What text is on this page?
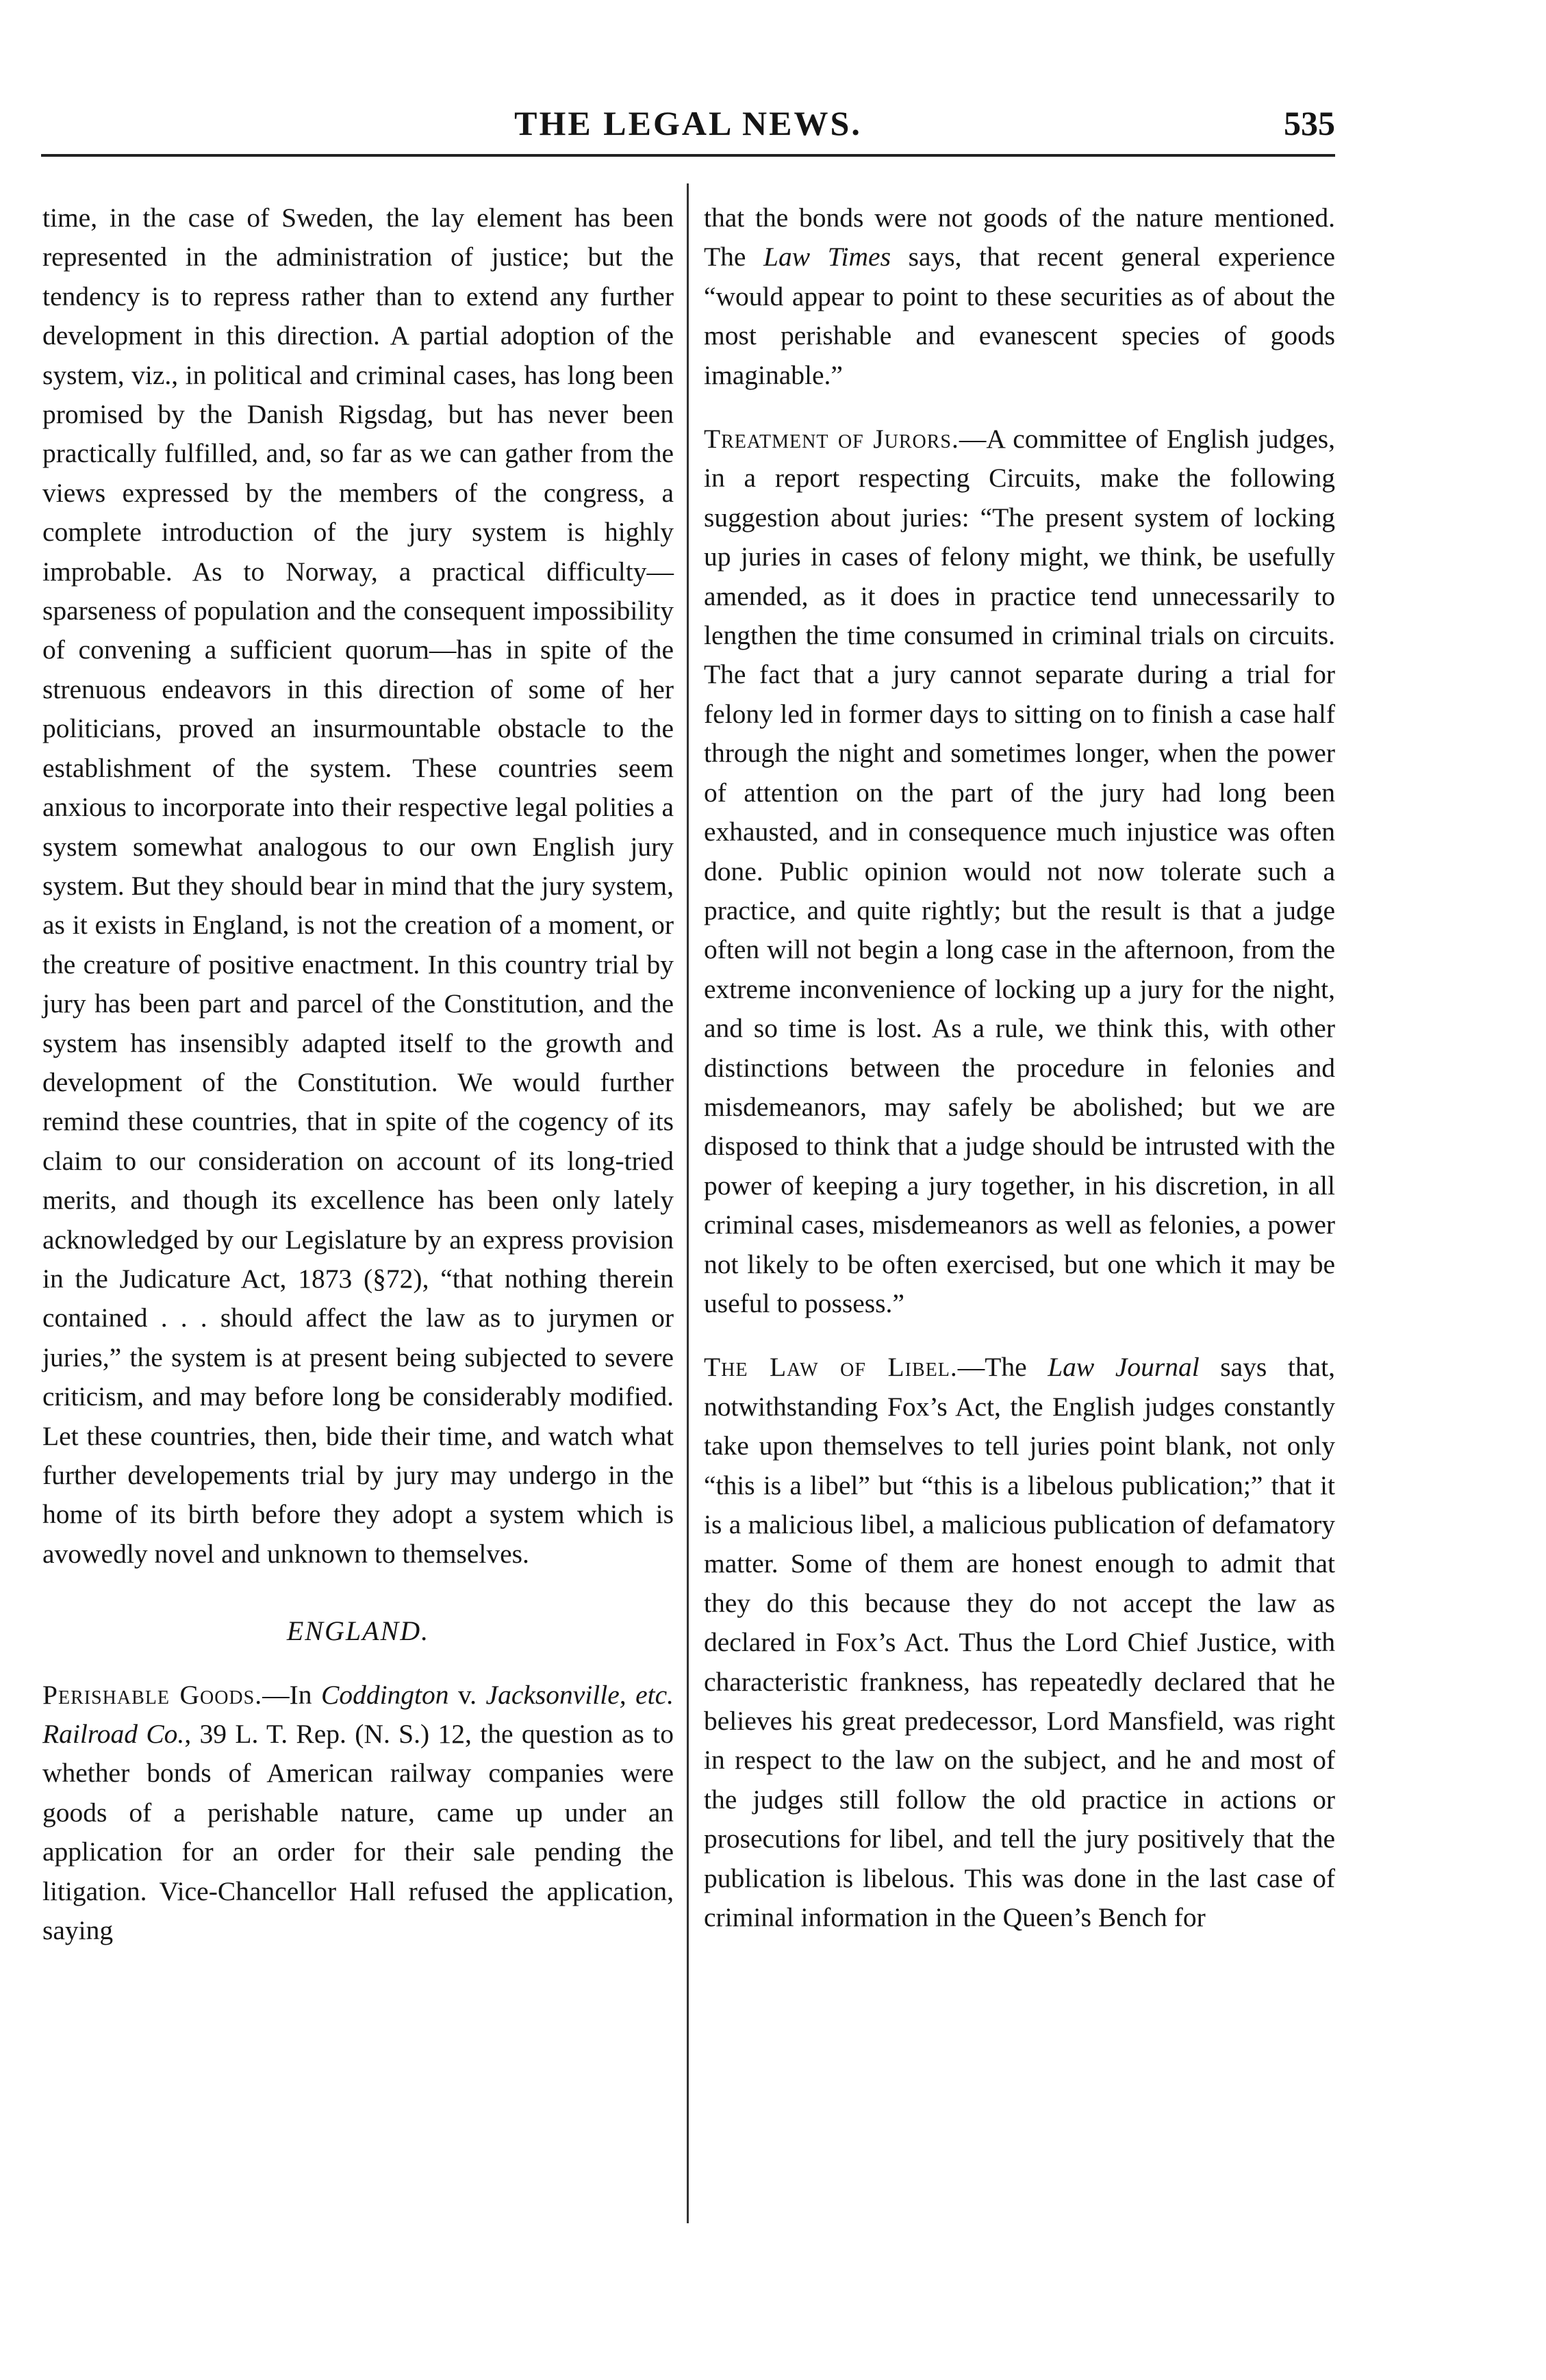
THE LEGAL NEWS.	535

time, in the case of Sweden, the lay element has been represented in the administration of justice; but the tendency is to repress rather than to extend any further development in this direction. A partial adoption of the system, viz., in political and criminal cases, has long been promised by the Danish Rigsdag, but has never been practically fulfilled, and, so far as we can gather from the views expressed by the members of the congress, a complete introduction of the jury system is highly improbable. As to Norway, a practical difficulty—sparseness of population and the consequent impossibility of convening a sufficient quorum—has in spite of the strenuous endeavors in this direction of some of her politicians, proved an insurmountable obstacle to the establishment of the system. These countries seem anxious to incorporate into their respective legal polities a system somewhat analogous to our own English jury system. But they should bear in mind that the jury system, as it exists in England, is not the creation of a moment, or the creature of positive enactment. In this country trial by jury has been part and parcel of the Constitution, and the system has insensibly adapted itself to the growth and development of the Constitution. We would further remind these countries, that in spite of the cogency of its claim to our consideration on account of its long-tried merits, and though its excellence has been only lately acknowledged by our Legislature by an express provision in the Judicature Act, 1873 (§72), “that nothing therein contained . . . should affect the law as to jurymen or juries,” the system is at present being subjected to severe criticism, and may before long be considerably modified. Let these countries, then, bide their time, and watch what further developements trial by jury may undergo in the home of its birth before they adopt a system which is avowedly novel and unknown to themselves.

ENGLAND.

Perishable Goods.—In Coddington v. Jacksonville, etc. Railroad Co., 39 L. T. Rep. (N. S.) 12, the question as to whether bonds of American railway companies were goods of a perishable nature, came up under an application for an order for their sale pending the litigation. Vice-Chancellor Hall refused the application, saying

that the bonds were not goods of the nature mentioned. The Law Times says, that recent general experience “would appear to point to these securities as of about the most perishable and evanescent species of goods imaginable.”

Treatment of Jurors.—A committee of English judges, in a report respecting Circuits, make the following suggestion about juries: “The present system of locking up juries in cases of felony might, we think, be usefully amended, as it does in practice tend unnecessarily to lengthen the time consumed in criminal trials on circuits. The fact that a jury cannot separate during a trial for felony led in former days to sitting on to finish a case half through the night and sometimes longer, when the power of attention on the part of the jury had long been exhausted, and in consequence much injustice was often done. Public opinion would not now tolerate such a practice, and quite rightly; but the result is that a judge often will not begin a long case in the afternoon, from the extreme inconvenience of locking up a jury for the night, and so time is lost. As a rule, we think this, with other distinctions between the procedure in felonies and misdemeanors, may safely be abolished; but we are disposed to think that a judge should be intrusted with the power of keeping a jury together, in his discretion, in all criminal cases, misdemeanors as well as felonies, a power not likely to be often exercised, but one which it may be useful to possess.”

The Law of Libel.—The Law Journal says that, notwithstanding Fox’s Act, the English judges constantly take upon themselves to tell juries point blank, not only “this is a libel” but “this is a libelous publication;” that it is a malicious libel, a malicious publication of defamatory matter. Some of them are honest enough to admit that they do this because they do not accept the law as declared in Fox’s Act. Thus the Lord Chief Justice, with characteristic frankness, has repeatedly declared that he believes his great predecessor, Lord Mansfield, was right in respect to the law on the subject, and he and most of the judges still follow the old practice in actions or prosecutions for libel, and tell the jury positively that the publication is libelous. This was done in the last case of criminal information in the Queen’s Bench for
